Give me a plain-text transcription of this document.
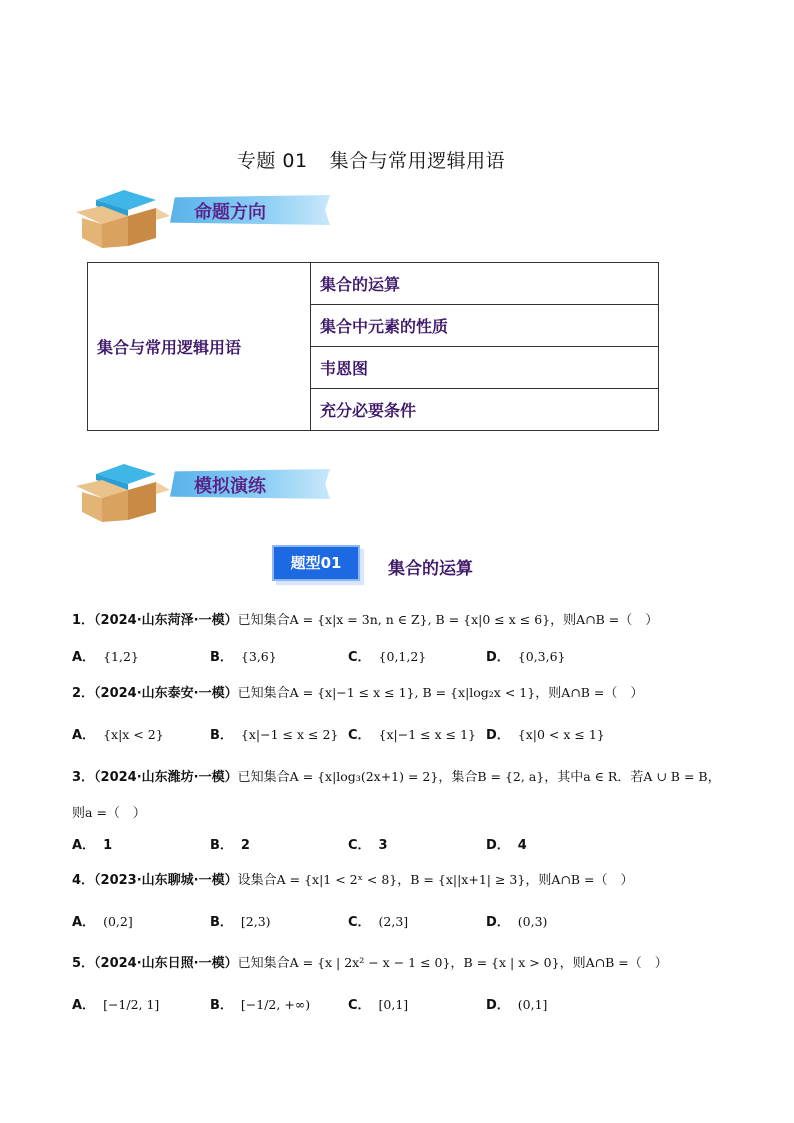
专题 01 集合与常用逻辑用语
命题方向
集合与常用逻辑用语	集合的运算
集合中元素的性质
韦恩图
充分必要条件
模拟演练
题型01	集合的运算
1．（2024·山东菏泽·一模）已知集合A = {x|x = 3n, n ∈ Z}, B = {x|0 ≤ x ≤ 6}，则A∩B =（　）
A． {1,2}	B． {3,6}	C． {0,1,2}	D． {0,3,6}
2．（2024·山东泰安·一模）已知集合A = {x|−1 ≤ x ≤ 1}, B = {x|log₂x < 1}，则A∩B =（　）
A． {x|x < 2}	B． {x|−1 ≤ x ≤ 2} C． {x|−1 ≤ x ≤ 1} D． {x|0 < x ≤ 1}
3．（2024·山东潍坊·一模）已知集合A = {x|log₃(2x+1) = 2}，集合B = {2, a}，其中a ∈ R．若A ∪ B = B，
则a =（　）
A． 1	B． 2	C． 3	D． 4
4．（2023·山东聊城·一模）设集合A = {x|1 < 2ˣ < 8}，B = {x||x+1| ≥ 3}，则A∩B =（　）
A． (0,2]	B． [2,3)	C． (2,3]	D． (0,3)
5．（2024·山东日照·一模）已知集合A = {x | 2x² − x − 1 ≤ 0}，B = {x | x > 0}，则A∩B =（　）
A． [−1/2, 1]	B． [−1/2, +∞)	C． [0,1]	D． (0,1]
